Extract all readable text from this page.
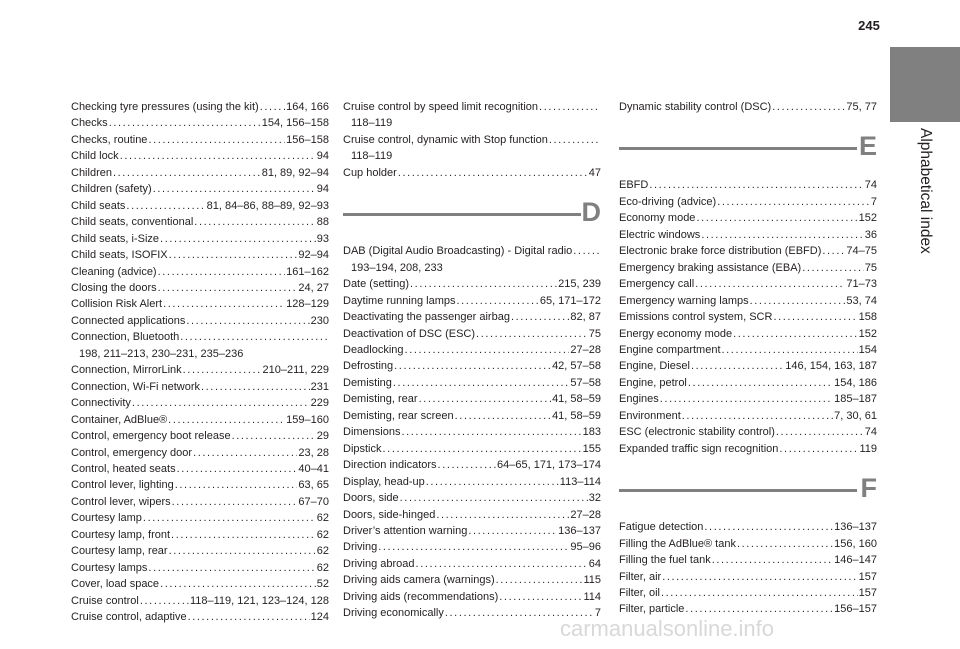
245
Alphabetical index
Checking tyre pressures (using the kit) ..... 164, 166
Checks .....	154, 156–158
Checks, routine .....	156–158
Child lock .....	94
Children .....	81, 89, 92–94
Children (safety) .....	94
Child seats .....	81, 84–86, 88–89, 92–93
Child seats, conventional .....	88
Child seats, i-Size .....	93
Child seats, ISOFIX .....	92–94
Cleaning (advice) .....	161–162
Closing the doors .....	24, 27
Collision Risk Alert .....	128–129
Connected applications .....	230
Connection, Bluetooth
.....
198, 211–213, 230–231, 235–236
Connection, MirrorLink .....	210–211, 229
Connection, Wi-Fi network .....	231
Connectivity .....	229
Container, AdBlue® .....	159–160
Control, emergency boot release .....	29
Control, emergency door .....	23, 28
Control, heated seats .....	40–41
Control lever, lighting .....	63, 65
Control lever, wipers .....	67–70
Courtesy lamp .....	62
Courtesy lamp, front .....	62
Courtesy lamp, rear .....	62
Courtesy lamps .....	62
Cover, load space .....	52
Cruise control .....	118–119, 121, 123–124, 128
Cruise control, adaptive .....	124
Cruise control by speed limit recognition
.....
118–119
Cruise control, dynamic with Stop function
.....
118–119
Cup holder .....	47
D
DAB (Digital Audio Broadcasting) - Digital radio
.....
193–194, 208, 233
Date (setting) .....	215, 239
Daytime running lamps .....	65, 171–172
Deactivating the passenger airbag .....	82, 87
Deactivation of DSC (ESC) .....	75
Deadlocking .....	27–28
Defrosting .....	42, 57–58
Demisting .....	57–58
Demisting, rear .....	41, 58–59
Demisting, rear screen .....	41, 58–59
Dimensions .....	183
Dipstick .....	155
Direction indicators .....	64–65, 171, 173–174
Display, head-up .....	113–114
Doors, side .....	32
Doors, side-hinged .....	27–28
Driver’s attention warning .....	136–137
Driving .....	95–96
Driving abroad .....	64
Driving aids camera (warnings) .....	115
Driving aids (recommendations) .....	114
Driving economically .....	7
Dynamic stability control (DSC) .....	75, 77
E
EBFD .....	74
Eco-driving (advice) .....	7
Economy mode .....	152
Electric windows .....	36
Electronic brake force distribution (EBFD) ..... 74–75
Emergency braking assistance (EBA) .....	75
Emergency call .....	71–73
Emergency warning lamps .....	53, 74
Emissions control system, SCR .....	158
Energy economy mode .....	152
Engine compartment .....	154
Engine, Diesel .....	146, 154, 163, 187
Engine, petrol .....	154, 186
Engines .....	185–187
Environment .....	7, 30, 61
ESC (electronic stability control) .....	74
Expanded traffic sign recognition .....	119
F
Fatigue detection .....	136–137
Filling the AdBlue® tank .....	156, 160
Filling the fuel tank .....	146–147
Filter, air .....	157
Filter, oil .....	157
Filter, particle .....	156–157
carmanualsonline.info
